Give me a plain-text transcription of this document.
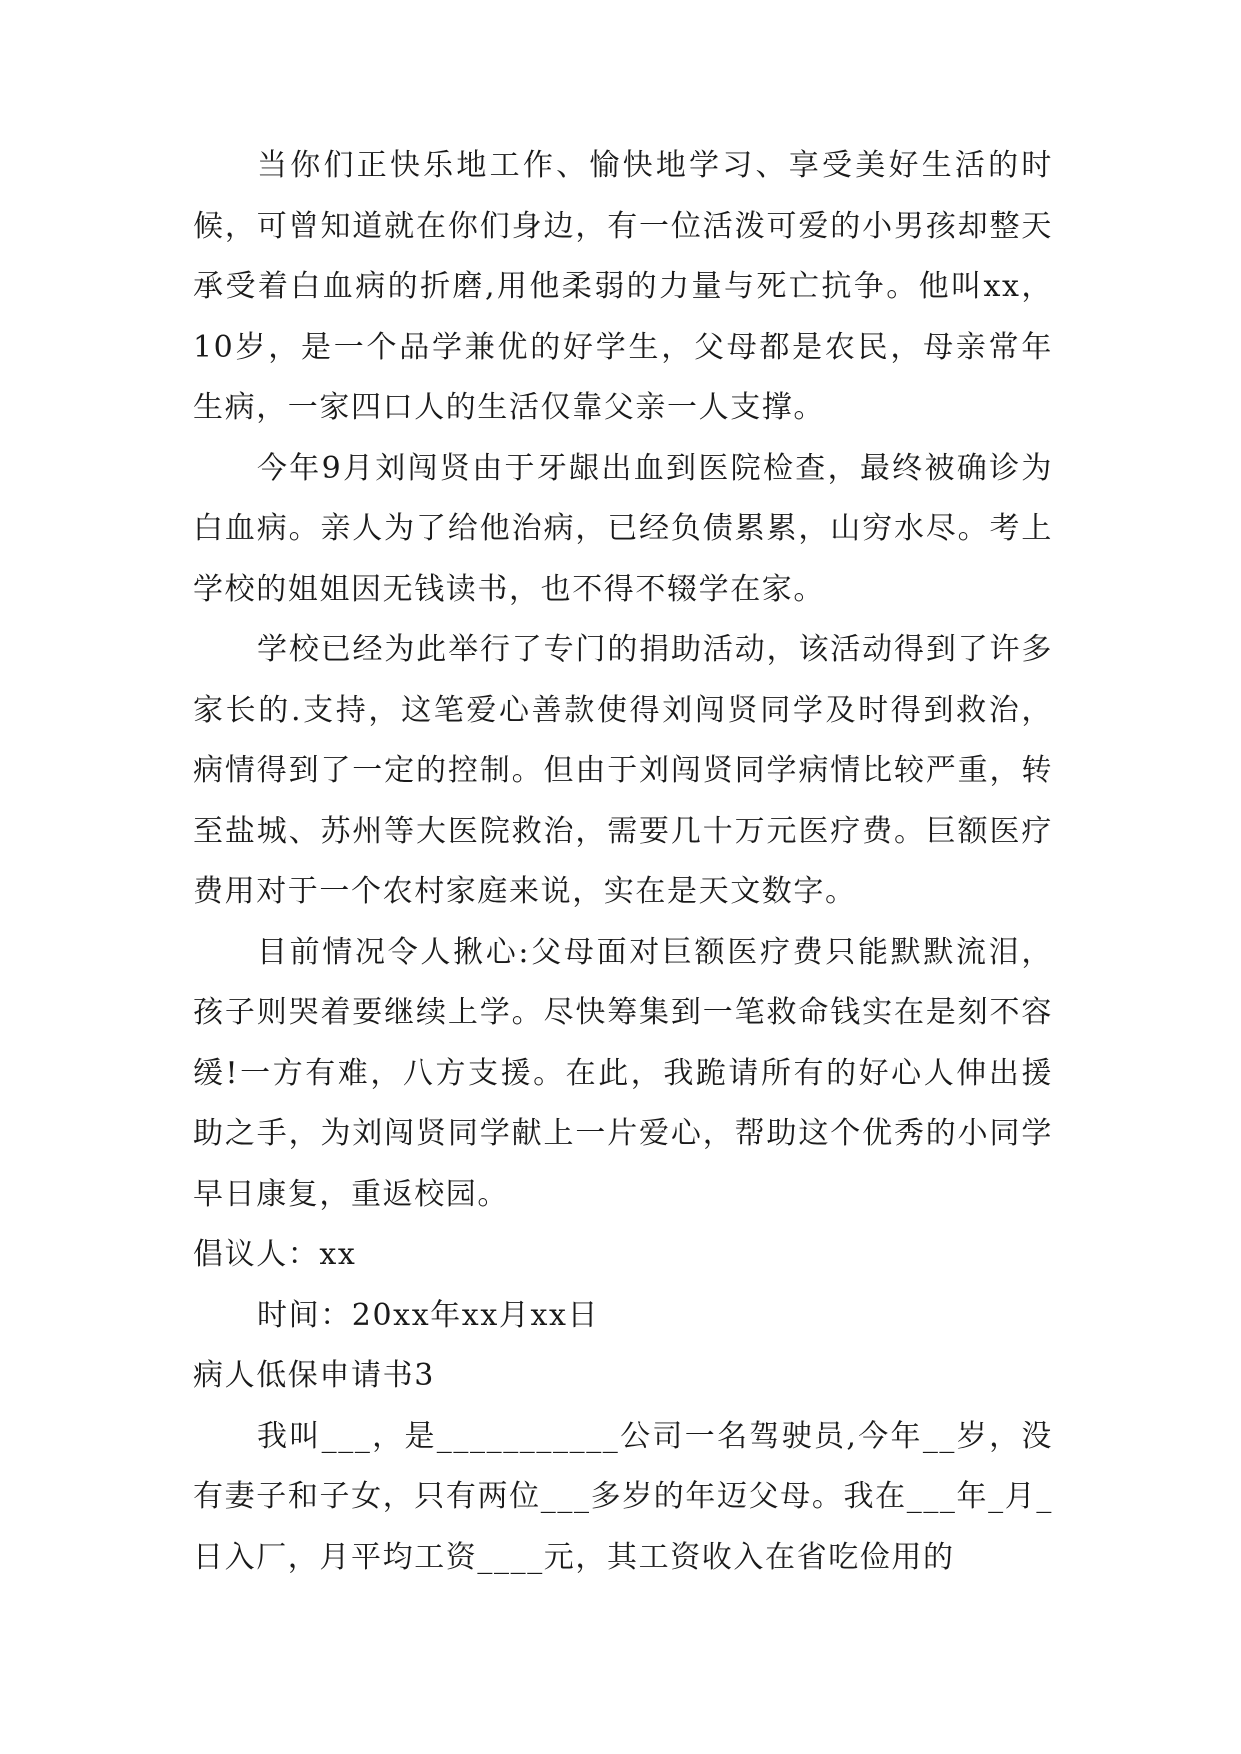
当你们正快乐地工作、愉快地学习、享受美好生活的时候，可曾知道就在你们身边，有一位活泼可爱的小男孩却整天承受着白血病的折磨,用他柔弱的力量与死亡抗争。他叫xx，10岁，是一个品学兼优的好学生，父母都是农民，母亲常年生病，一家四口人的生活仅靠父亲一人支撑。

今年9月刘闯贤由于牙龈出血到医院检查，最终被确诊为白血病。亲人为了给他治病，已经负债累累，山穷水尽。考上学校的姐姐因无钱读书，也不得不辍学在家。

学校已经为此举行了专门的捐助活动，该活动得到了许多家长的.支持，这笔爱心善款使得刘闯贤同学及时得到救治，病情得到了一定的控制。但由于刘闯贤同学病情比较严重，转至盐城、苏州等大医院救治，需要几十万元医疗费。巨额医疗费用对于一个农村家庭来说，实在是天文数字。

目前情况令人揪心:父母面对巨额医疗费只能默默流泪，孩子则哭着要继续上学。尽快筹集到一笔救命钱实在是刻不容缓!一方有难，八方支援。在此，我跪请所有的好心人伸出援助之手，为刘闯贤同学献上一片爱心，帮助这个优秀的小同学早日康复，重返校园。

倡议人：xx

时间：20xx年xx月xx日

病人低保申请书3

我叫___，是___________公司一名驾驶员,今年__岁，没有妻子和子女，只有两位___多岁的年迈父母。我在___年_月_日入厂，月平均工资____元，其工资收入在省吃俭用的
